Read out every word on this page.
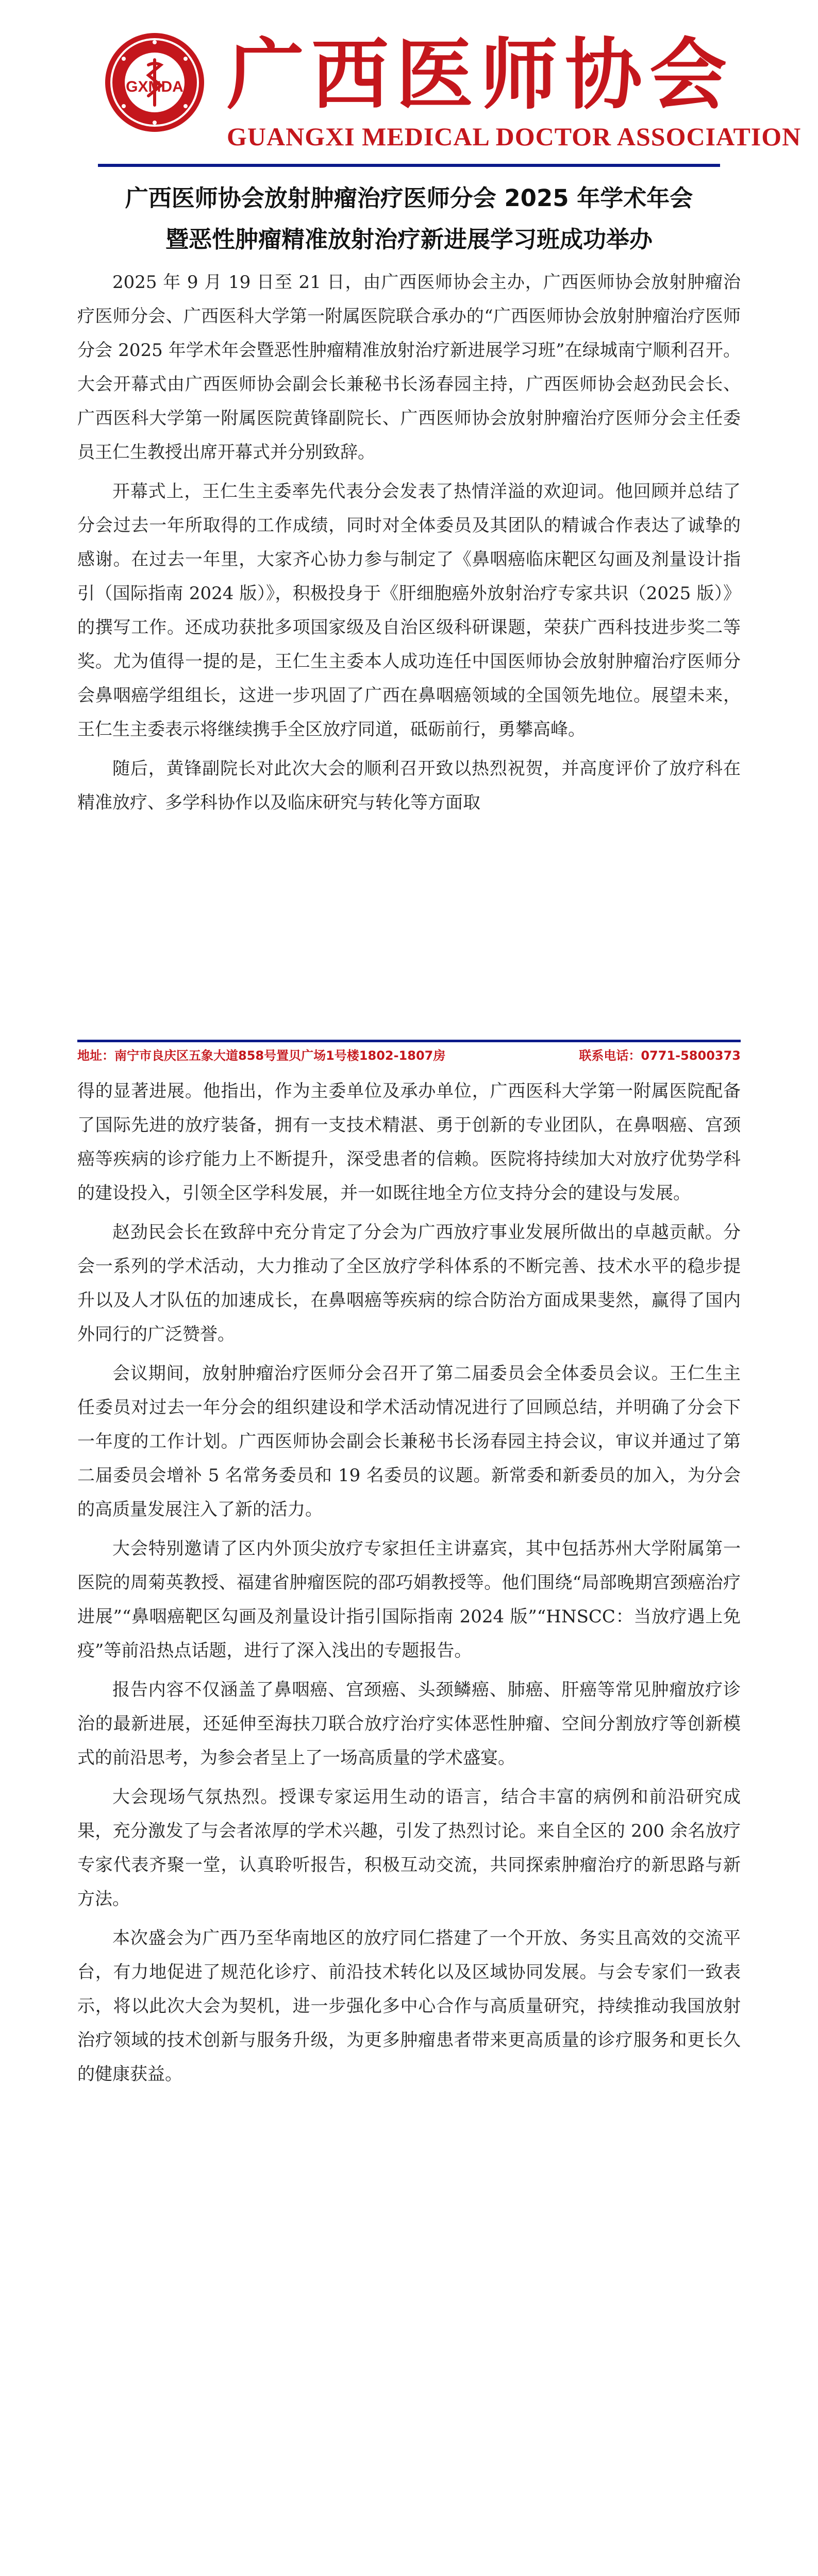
GXMDA 广西医师协会
GUANGXI MEDICAL DOCTOR ASSOCIATION
广西医师协会放射肿瘤治疗医师分会 2025 年学术年会
暨恶性肿瘤精准放射治疗新进展学习班成功举办

2025 年 9 月 19 日至 21 日，由广西医师协会主办，广西医师协会放射肿瘤治疗医师分会、广西医科大学第一附属医院联合承办的“广西医师协会放射肿瘤治疗医师分会 2025 年学术年会暨恶性肿瘤精准放射治疗新进展学习班”在绿城南宁顺利召开。大会开幕式由广西医师协会副会长兼秘书长汤春园主持，广西医师协会赵劲民会长、广西医科大学第一附属医院黄锋副院长、广西医师协会放射肿瘤治疗医师分会主任委员王仁生教授出席开幕式并分别致辞。

开幕式上，王仁生主委率先代表分会发表了热情洋溢的欢迎词。他回顾并总结了分会过去一年所取得的工作成绩，同时对全体委员及其团队的精诚合作表达了诚挚的感谢。在过去一年里，大家齐心协力参与制定了《鼻咽癌临床靶区勾画及剂量设计指引（国际指南 2024 版）》，积极投身于《肝细胞癌外放射治疗专家共识（2025 版）》的撰写工作。还成功获批多项国家级及自治区级科研课题，荣获广西科技进步奖二等奖。尤为值得一提的是，王仁生主委本人成功连任中国医师协会放射肿瘤治疗医师分会鼻咽癌学组组长，这进一步巩固了广西在鼻咽癌领域的全国领先地位。展望未来，王仁生主委表示将继续携手全区放疗同道，砥砺前行，勇攀高峰。

随后，黄锋副院长对此次大会的顺利召开致以热烈祝贺，并高度评价了放疗科在精准放疗、多学科协作以及临床研究与转化等方面取

地址：南宁市良庆区五象大道858号置贝广场1号楼1802-1807房	联系电话：0771-5800373

得的显著进展。他指出，作为主委单位及承办单位，广西医科大学第一附属医院配备了国际先进的放疗装备，拥有一支技术精湛、勇于创新的专业团队，在鼻咽癌、宫颈癌等疾病的诊疗能力上不断提升，深受患者的信赖。医院将持续加大对放疗优势学科的建设投入，引领全区学科发展，并一如既往地全方位支持分会的建设与发展。

赵劲民会长在致辞中充分肯定了分会为广西放疗事业发展所做出的卓越贡献。分会一系列的学术活动，大力推动了全区放疗学科体系的不断完善、技术水平的稳步提升以及人才队伍的加速成长，在鼻咽癌等疾病的综合防治方面成果斐然，赢得了国内外同行的广泛赞誉。

会议期间，放射肿瘤治疗医师分会召开了第二届委员会全体委员会议。王仁生主任委员对过去一年分会的组织建设和学术活动情况进行了回顾总结，并明确了分会下一年度的工作计划。广西医师协会副会长兼秘书长汤春园主持会议，审议并通过了第二届委员会增补 5 名常务委员和 19 名委员的议题。新常委和新委员的加入，为分会的高质量发展注入了新的活力。

大会特别邀请了区内外顶尖放疗专家担任主讲嘉宾，其中包括苏州大学附属第一医院的周菊英教授、福建省肿瘤医院的邵巧娟教授等。他们围绕“局部晚期宫颈癌治疗进展”“鼻咽癌靶区勾画及剂量设计指引国际指南 2024 版”“HNSCC：当放疗遇上免疫”等前沿热点话题，进行了深入浅出的专题报告。

报告内容不仅涵盖了鼻咽癌、宫颈癌、头颈鳞癌、肺癌、肝癌等常见肿瘤放疗诊治的最新进展，还延伸至海扶刀联合放疗治疗实体恶性肿瘤、空间分割放疗等创新模式的前沿思考，为参会者呈上了一场高质量的学术盛宴。

大会现场气氛热烈。授课专家运用生动的语言，结合丰富的病例和前沿研究成果，充分激发了与会者浓厚的学术兴趣，引发了热烈讨论。来自全区的 200 余名放疗专家代表齐聚一堂，认真聆听报告，积极互动交流，共同探索肿瘤治疗的新思路与新方法。

本次盛会为广西乃至华南地区的放疗同仁搭建了一个开放、务实且高效的交流平台，有力地促进了规范化诊疗、前沿技术转化以及区域协同发展。与会专家们一致表示，将以此次大会为契机，进一步强化多中心合作与高质量研究，持续推动我国放射治疗领域的技术创新与服务升级，为更多肿瘤患者带来更高质量的诊疗服务和更长久的健康获益。
